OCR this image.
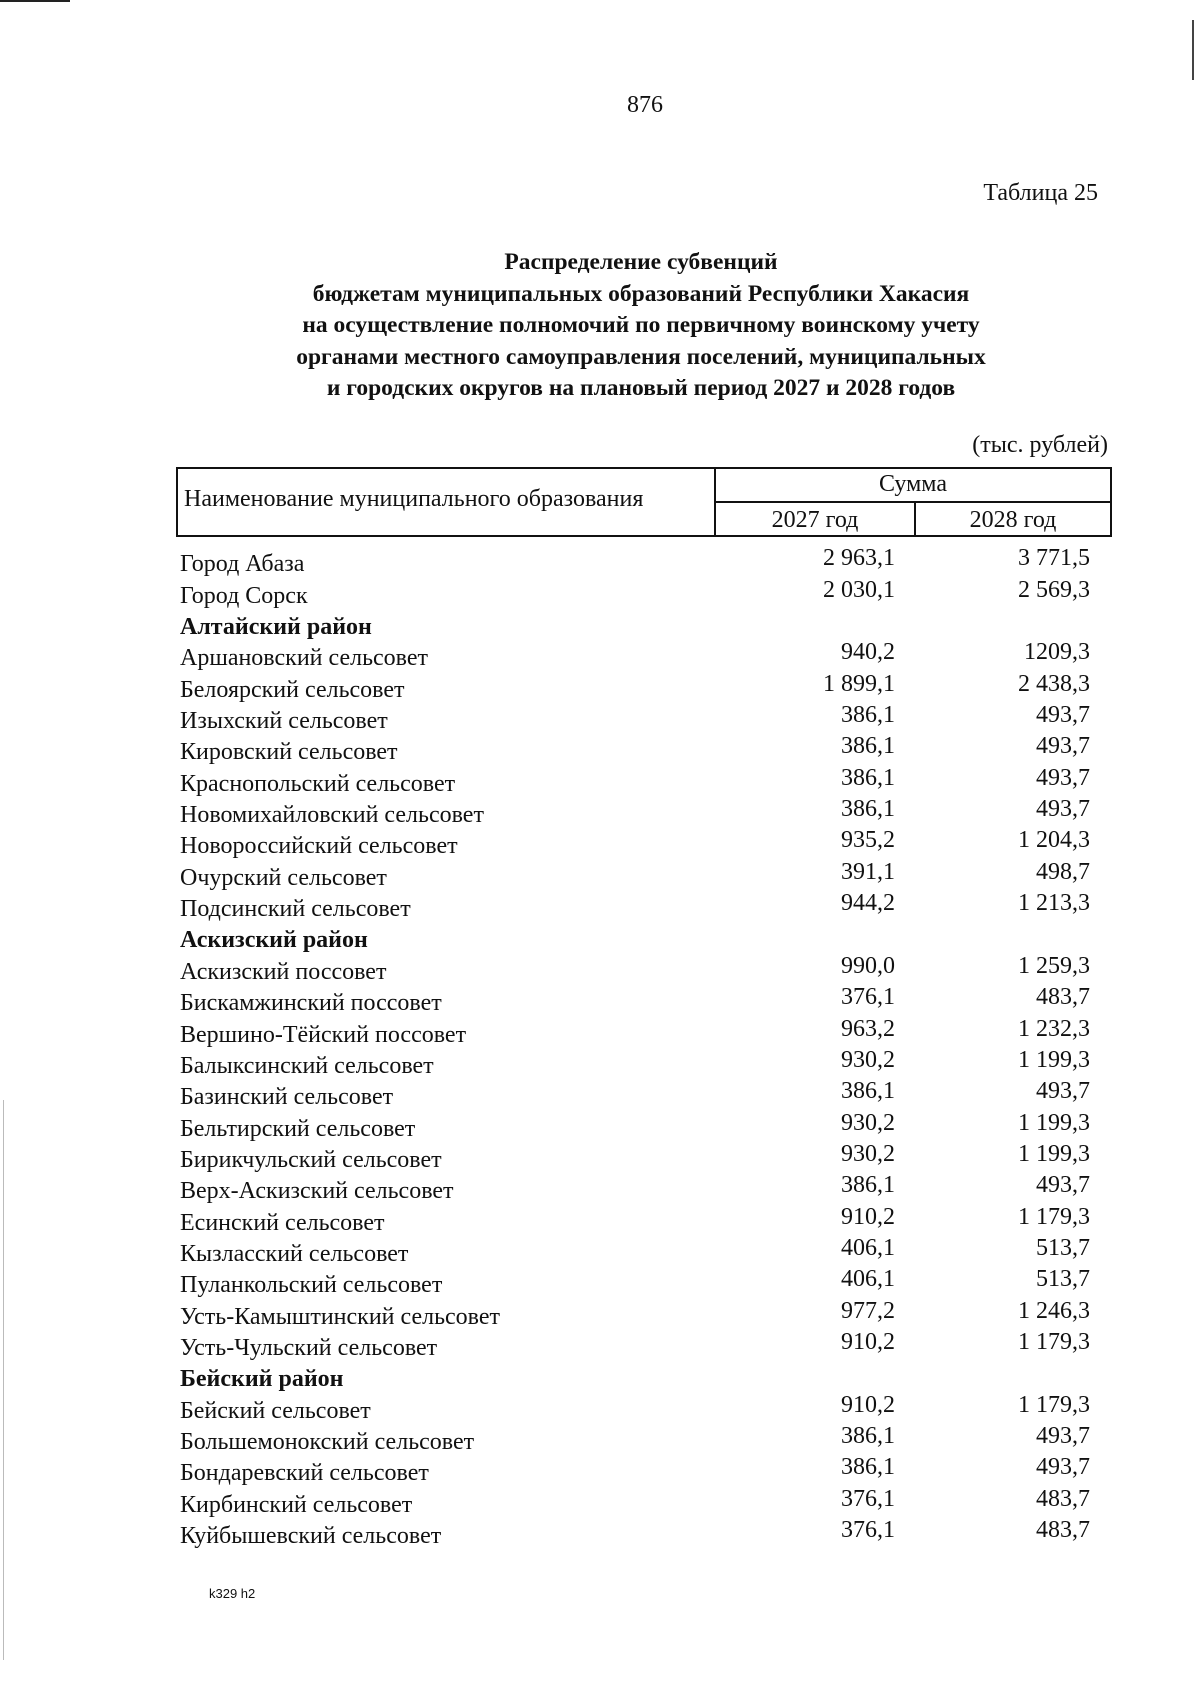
876
Таблица 25
Распределение субвенций
бюджетам муниципальных образований Республики Хакасия
на осуществление полномочий по первичному воинскому учету
органами местного самоуправления поселений, муниципальных
и городских округов на плановый период 2027 и 2028 годов
(тыс. рублей)
Наименование муниципального образования
Сумма
2027 год	2028 год
Город Абаза	2 963,1	3 771,5
Город Сорск	2 030,1	2 569,3
Алтайский район
Аршановский сельсовет	940,2	1209,3
Белоярский сельсовет	1 899,1	2 438,3
Изыхский сельсовет	386,1	493,7
Кировский сельсовет	386,1	493,7
Краснопольский сельсовет	386,1	493,7
Новомихайловский сельсовет	386,1	493,7
Новороссийский сельсовет	935,2	1 204,3
Очурский сельсовет	391,1	498,7
Подсинский сельсовет	944,2	1 213,3
Аскизский район
Аскизский поссовет	990,0	1 259,3
Бискамжинский поссовет	376,1	483,7
Вершино-Тёйский поссовет	963,2	1 232,3
Балыксинский сельсовет	930,2	1 199,3
Базинский сельсовет	386,1	493,7
Бельтирский сельсовет	930,2	1 199,3
Бирикчульский сельсовет	930,2	1 199,3
Верх-Аскизский сельсовет	386,1	493,7
Есинский сельсовет	910,2	1 179,3
Кызласский сельсовет	406,1	513,7
Пуланкольский сельсовет	406,1	513,7
Усть-Камыштинский сельсовет	977,2	1 246,3
Усть-Чульский сельсовет	910,2	1 179,3
Бейский район
Бейский сельсовет	910,2	1 179,3
Большемонокский сельсовет	386,1	493,7
Бондаревский сельсовет	386,1	493,7
Кирбинский сельсовет	376,1	483,7
Куйбышевский сельсовет	376,1	483,7
k329 h2
